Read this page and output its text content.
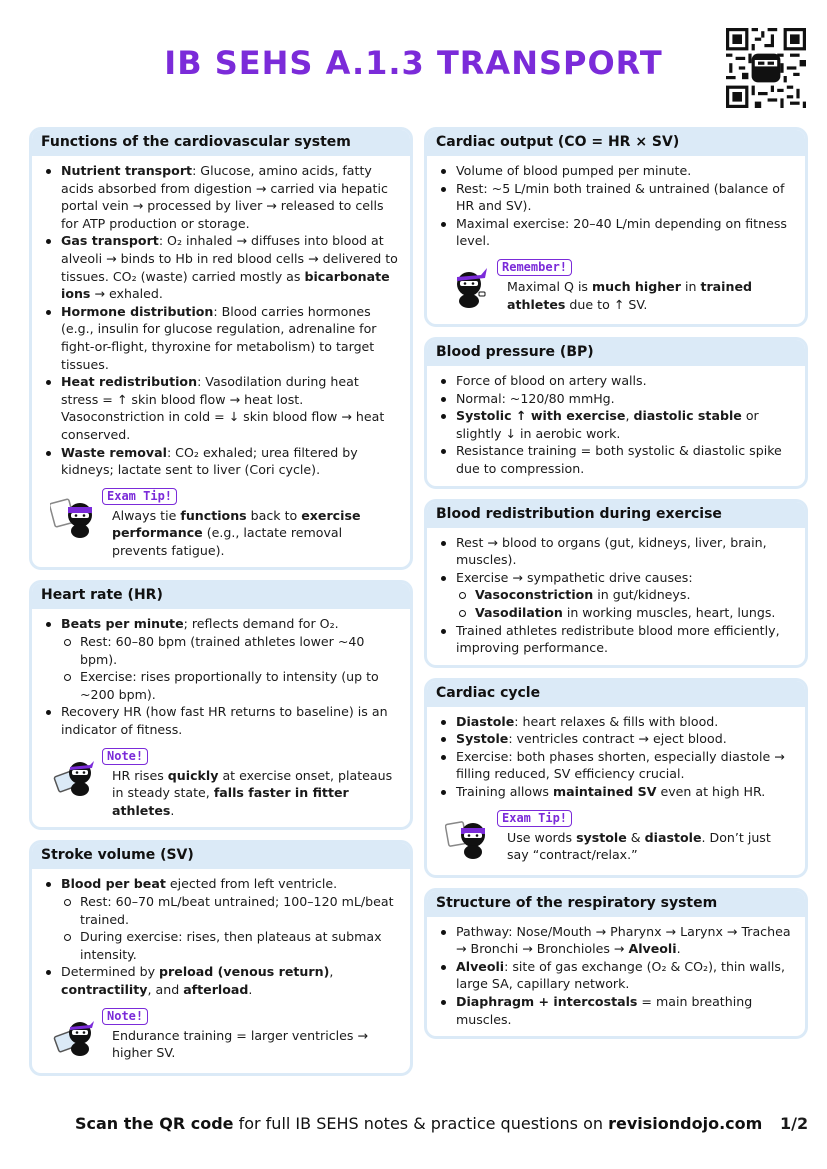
IB SEHS A.1.3 TRANSPORT
Functions of the cardiovascular system
Nutrient transport: Glucose, amino acids, fatty acids absorbed from digestion → carried via hepatic portal vein → processed by liver → released to cells for ATP production or storage.
Gas transport: O₂ inhaled → diffuses into blood at alveoli → binds to Hb in red blood cells → delivered to tissues. CO₂ (waste) carried mostly as bicarbonate ions → exhaled.
Hormone distribution: Blood carries hormones (e.g., insulin for glucose regulation, adrenaline for fight-or-flight, thyroxine for metabolism) to target tissues.
Heat redistribution: Vasodilation during heat stress = ↑ skin blood flow → heat lost. Vasoconstriction in cold = ↓ skin blood flow → heat conserved.
Waste removal: CO₂ exhaled; urea filtered by kidneys; lactate sent to liver (Cori cycle).
Exam Tip!
Always tie functions back to exercise performance (e.g., lactate removal prevents fatigue).
Heart rate (HR)
Beats per minute; reflects demand for O₂.
Rest: 60–80 bpm (trained athletes lower ~40 bpm).
Exercise: rises proportionally to intensity (up to ~200 bpm).
Recovery HR (how fast HR returns to baseline) is an indicator of fitness.
Note!
HR rises quickly at exercise onset, plateaus in steady state, falls faster in fitter athletes.
Stroke volume (SV)
Blood per beat ejected from left ventricle.
Rest: 60–70 mL/beat untrained; 100–120 mL/beat trained.
During exercise: rises, then plateaus at submax intensity.
Determined by preload (venous return), contractility, and afterload.
Note!
Endurance training = larger ventricles → higher SV.
Cardiac output (CO = HR × SV)
Volume of blood pumped per minute.
Rest: ~5 L/min both trained & untrained (balance of HR and SV).
Maximal exercise: 20–40 L/min depending on fitness level.
Remember!
Maximal Q is much higher in trained athletes due to ↑ SV.
Blood pressure (BP)
Force of blood on artery walls.
Normal: ~120/80 mmHg.
Systolic ↑ with exercise, diastolic stable or slightly ↓ in aerobic work.
Resistance training = both systolic & diastolic spike due to compression.
Blood redistribution during exercise
Rest → blood to organs (gut, kidneys, liver, brain, muscles).
Exercise → sympathetic drive causes:
Vasoconstriction in gut/kidneys.
Vasodilation in working muscles, heart, lungs.
Trained athletes redistribute blood more efficiently, improving performance.
Cardiac cycle
Diastole: heart relaxes & fills with blood.
Systole: ventricles contract → eject blood.
Exercise: both phases shorten, especially diastole → filling reduced, SV efficiency crucial.
Training allows maintained SV even at high HR.
Exam Tip!
Use words systole & diastole. Don’t just say “contract/relax.”
Structure of the respiratory system
Pathway: Nose/Mouth → Pharynx → Larynx → Trachea → Bronchi → Bronchioles → Alveoli.
Alveoli: site of gas exchange (O₂ & CO₂), thin walls, large SA, capillary network.
Diaphragm + intercostals = main breathing muscles.
Scan the QR code for full IB SEHS notes & practice questions on revisiondojo.com 1/2
